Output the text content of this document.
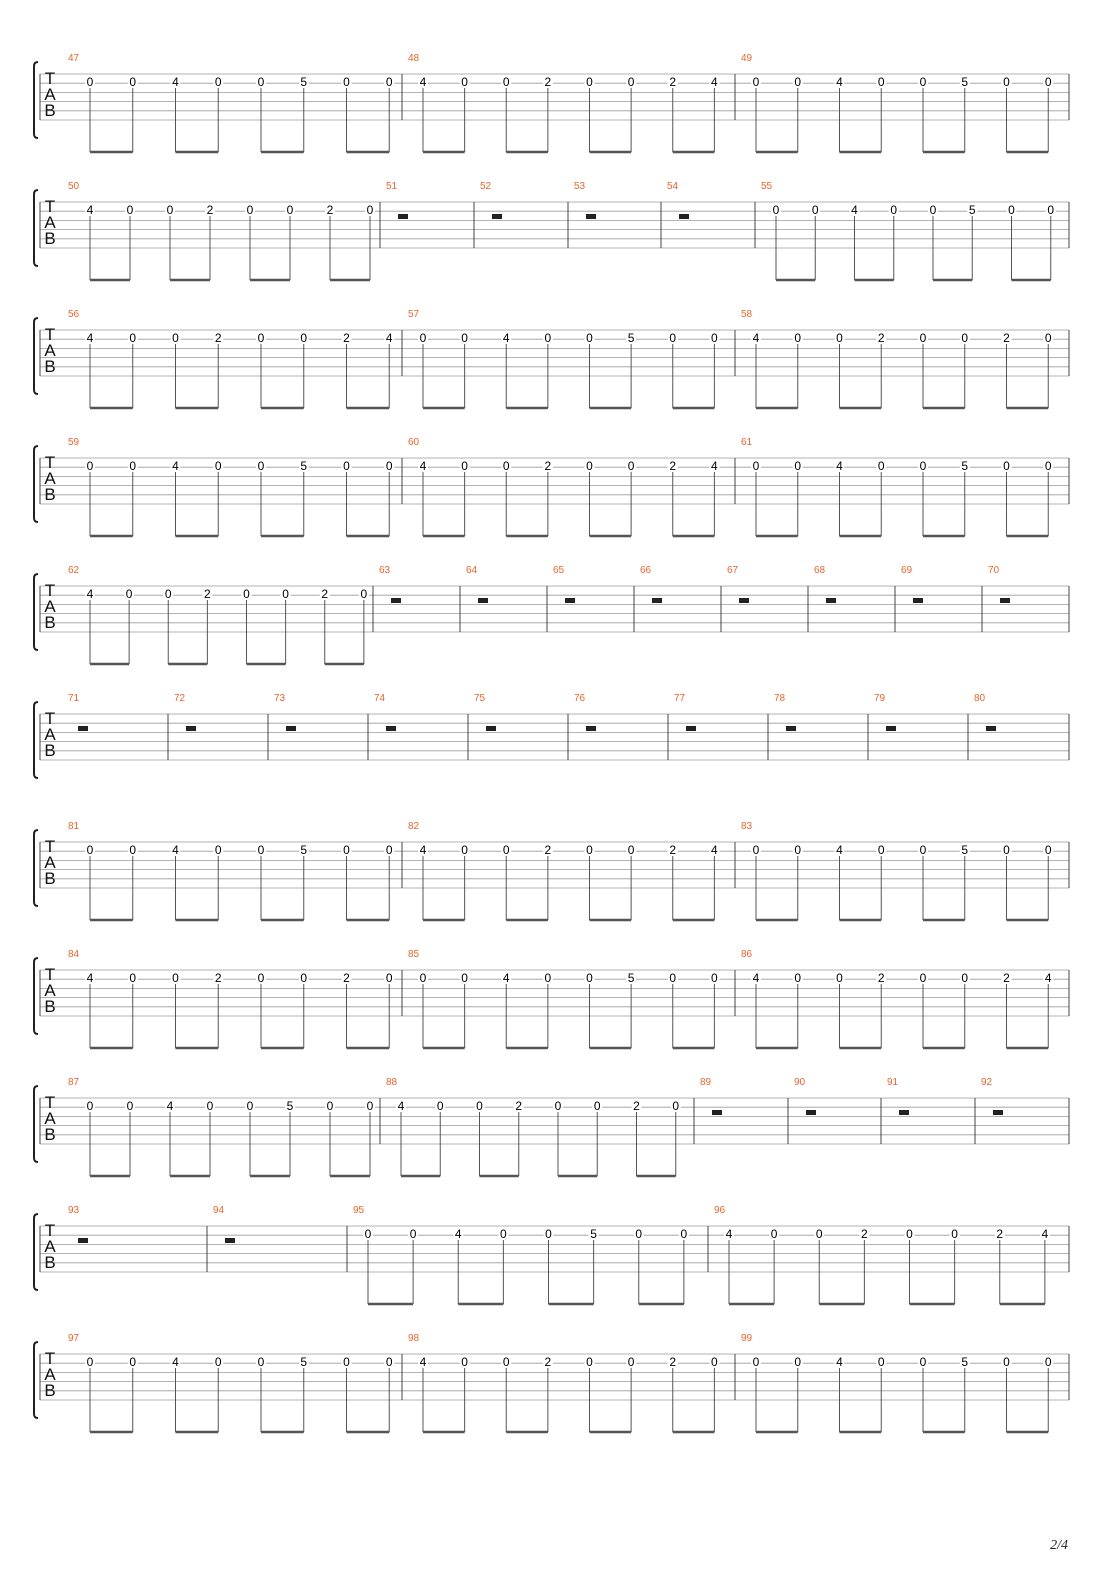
T
A
B
47
0	0	4	0	0	5	0	0
48
4	0	0	2	0	0	2	4
49
0	0	4	0	0	5	0	0
T
A
B
50
4	0	0	2	0	0	2	0
51	52	53	54	55
0	0	4	0	0	5	0	0
T
A
B
56
4	0	0	2	0	0	2	4
57
0	0	4	0	0	5	0	0
58
4	0	0	2	0	0	2	0
T
A
B
59
0	0	4	0	0	5	0	0
60
4	0	0	2	0	0	2	4
61
0	0	4	0	0	5	0	0
T
A
B
62
4	0	0	2	0	0	2	0
63	64	65	66	67	68	69	70
T
A
B
71	72	73	74	75	76	77	78	79	80
T
A
B
81
0	0	4	0	0	5	0	0
82
4	0	0	2	0	0	2	4
83
0	0	4	0	0	5	0	0
T
A
B
84
4	0	0	2	0	0	2	0
85
0	0	4	0	0	5	0	0
86
4	0	0	2	0	0	2	4
T
A
B
87
0	0	4	0	0	5	0	0
88
4	0	0	2	0	0	2	0
89	90	91	92
T
A
B
93	94	95
0	0	4	0	0	5	0	0
96
4	0	0	2	0	0	2	4
T
A
B
97
0	0	4	0	0	5	0	0
98
4	0	0	2	0	0	2	0
99
0	0	4	0	0	5	0	0
2/4
